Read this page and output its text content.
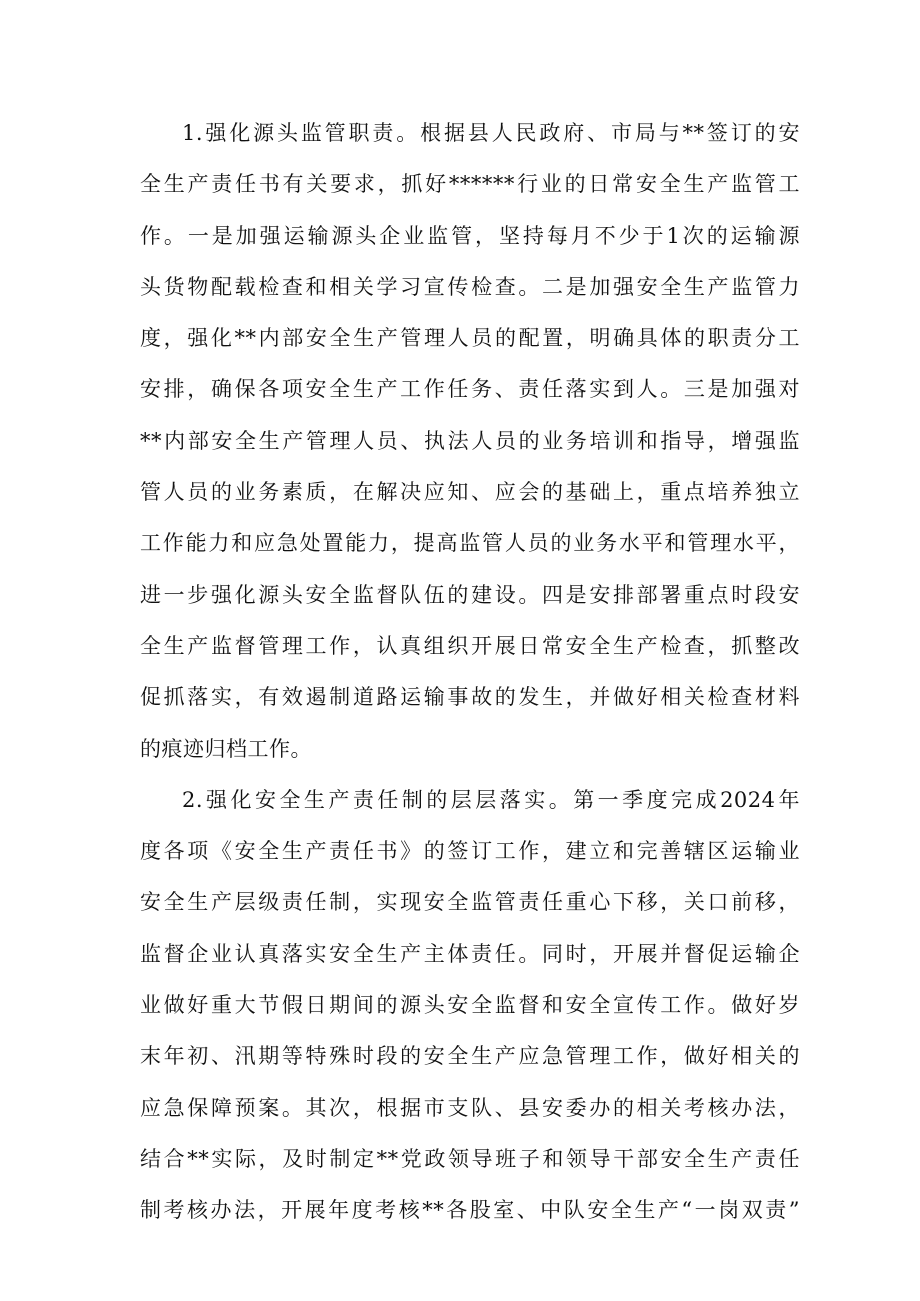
1.强化源头监管职责。根据县人民政府、市局与**签订的安
全生产责任书有关要求，抓好******行业的日常安全生产监管工
作。一是加强运输源头企业监管，坚持每月不少于1次的运输源
头货物配载检查和相关学习宣传检查。二是加强安全生产监管力
度，强化**内部安全生产管理人员的配置，明确具体的职责分工
安排，确保各项安全生产工作任务、责任落实到人。三是加强对
**内部安全生产管理人员、执法人员的业务培训和指导，增强监
管人员的业务素质，在解决应知、应会的基础上，重点培养独立
工作能力和应急处置能力，提高监管人员的业务水平和管理水平，
进一步强化源头安全监督队伍的建设。四是安排部署重点时段安
全生产监督管理工作，认真组织开展日常安全生产检查，抓整改
促抓落实，有效遏制道路运输事故的发生，并做好相关检查材料
的痕迹归档工作。
2.强化安全生产责任制的层层落实。第一季度完成2024年
度各项《安全生产责任书》的签订工作，建立和完善辖区运输业
安全生产层级责任制，实现安全监管责任重心下移，关口前移，
监督企业认真落实安全生产主体责任。同时，开展并督促运输企
业做好重大节假日期间的源头安全监督和安全宣传工作。做好岁
末年初、汛期等特殊时段的安全生产应急管理工作，做好相关的
应急保障预案。其次，根据市支队、县安委办的相关考核办法，
结合**实际，及时制定**党政领导班子和领导干部安全生产责任
制考核办法，开展年度考核**各股室、中队安全生产“一岗双责”
